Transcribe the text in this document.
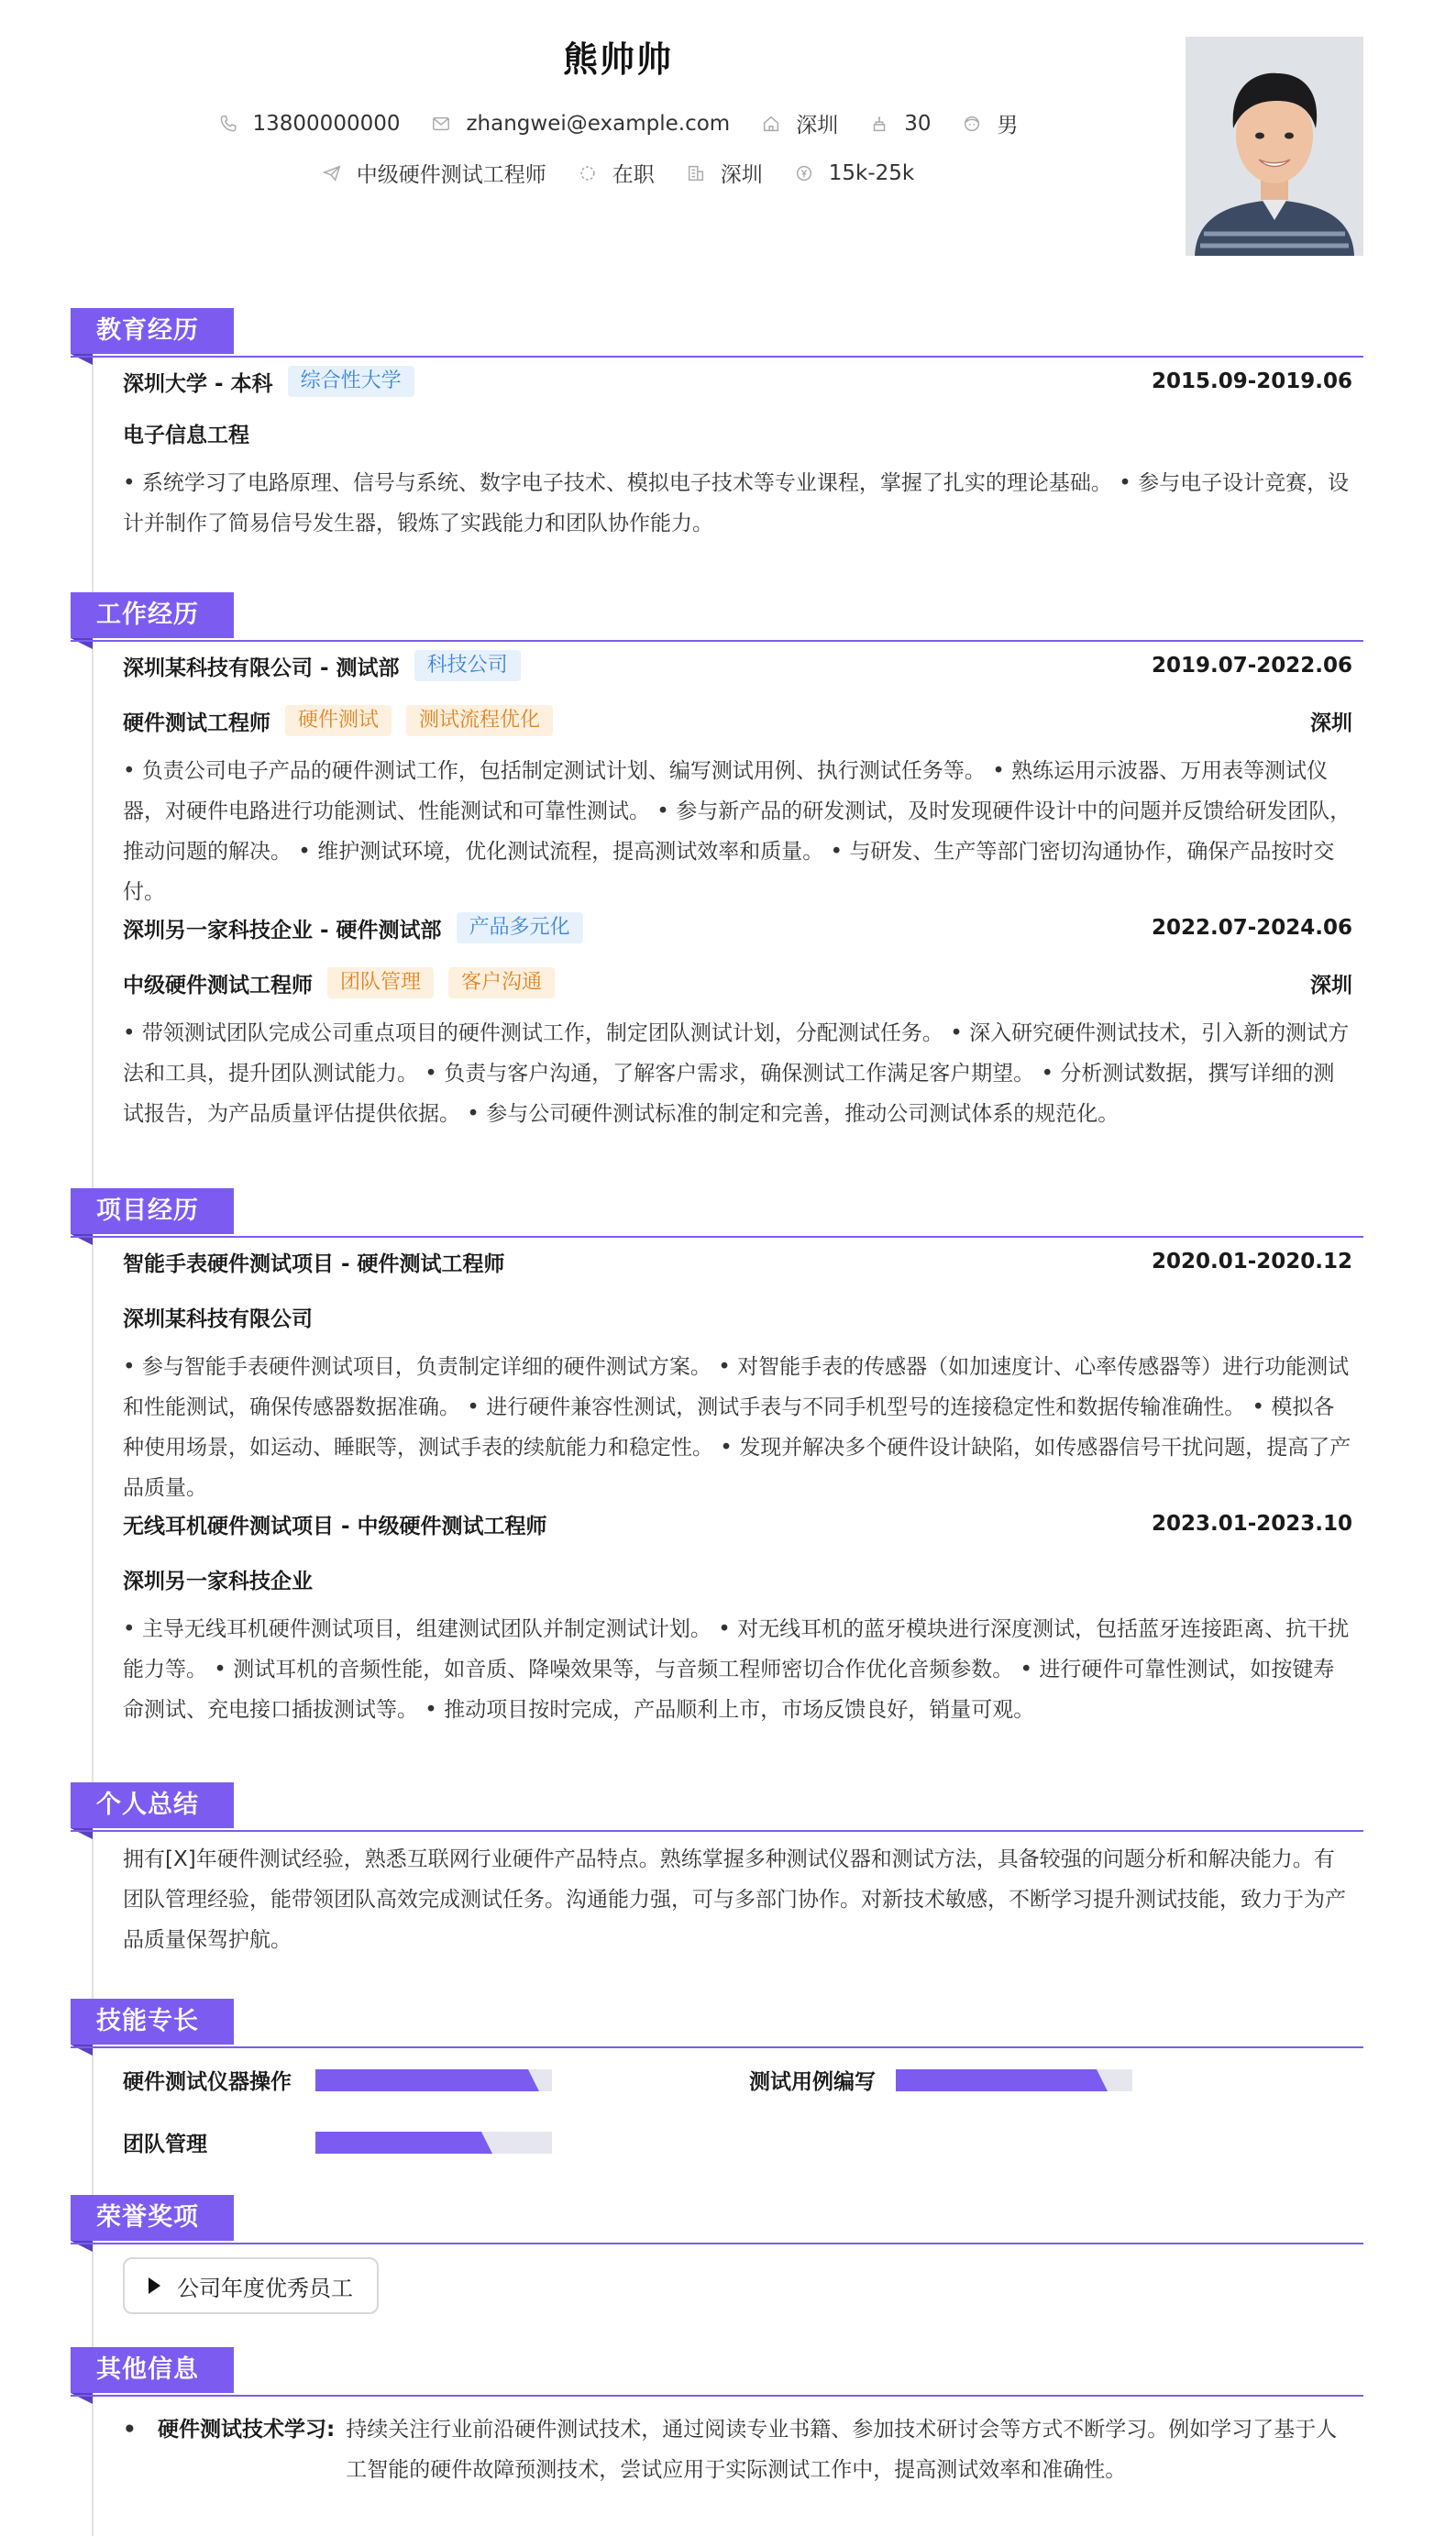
熊帅帅
13800000000	zhangwei@example.com	深圳	30	男
中级硬件测试工程师	在职	深圳	15k-25k
教育经历
深圳大学 - 本科	综合性大学	2015.09-2019.06
电子信息工程
• 系统学习了电路原理、信号与系统、数字电子技术、模拟电子技术等专业课程，掌握了扎实的理论基础。 • 参与电子设计竞赛，设计并制作了简易信号发生器，锻炼了实践能力和团队协作能力。
工作经历
深圳某科技有限公司 - 测试部	科技公司	2019.07-2022.06
硬件测试工程师	硬件测试	测试流程优化	深圳
• 负责公司电子产品的硬件测试工作，包括制定测试计划、编写测试用例、执行测试任务等。 • 熟练运用示波器、万用表等测试仪器，对硬件电路进行功能测试、性能测试和可靠性测试。 • 参与新产品的研发测试，及时发现硬件设计中的问题并反馈给研发团队，推动问题的解决。 • 维护测试环境，优化测试流程，提高测试效率和质量。 • 与研发、生产等部门密切沟通协作，确保产品按时交付。
深圳另一家科技企业 - 硬件测试部	产品多元化	2022.07-2024.06
中级硬件测试工程师	团队管理	客户沟通	深圳
• 带领测试团队完成公司重点项目的硬件测试工作，制定团队测试计划，分配测试任务。 • 深入研究硬件测试技术，引入新的测试方法和工具，提升团队测试能力。 • 负责与客户沟通，了解客户需求，确保测试工作满足客户期望。 • 分析测试数据，撰写详细的测试报告，为产品质量评估提供依据。 • 参与公司硬件测试标准的制定和完善，推动公司测试体系的规范化。
项目经历
智能手表硬件测试项目 - 硬件测试工程师	2020.01-2020.12
深圳某科技有限公司
• 参与智能手表硬件测试项目，负责制定详细的硬件测试方案。 • 对智能手表的传感器（如加速度计、心率传感器等）进行功能测试和性能测试，确保传感器数据准确。 • 进行硬件兼容性测试，测试手表与不同手机型号的连接稳定性和数据传输准确性。 • 模拟各种使用场景，如运动、睡眠等，测试手表的续航能力和稳定性。 • 发现并解决多个硬件设计缺陷，如传感器信号干扰问题，提高了产品质量。
无线耳机硬件测试项目 - 中级硬件测试工程师	2023.01-2023.10
深圳另一家科技企业
• 主导无线耳机硬件测试项目，组建测试团队并制定测试计划。 • 对无线耳机的蓝牙模块进行深度测试，包括蓝牙连接距离、抗干扰能力等。 • 测试耳机的音频性能，如音质、降噪效果等，与音频工程师密切合作优化音频参数。 • 进行硬件可靠性测试，如按键寿命测试、充电接口插拔测试等。 • 推动项目按时完成，产品顺利上市，市场反馈良好，销量可观。
个人总结
拥有[X]年硬件测试经验，熟悉互联网行业硬件产品特点。熟练掌握多种测试仪器和测试方法，具备较强的问题分析和解决能力。有团队管理经验，能带领团队高效完成测试任务。沟通能力强，可与多部门协作。对新技术敏感，不断学习提升测试技能，致力于为产品质量保驾护航。
技能专长
硬件测试仪器操作	测试用例编写
团队管理
荣誉奖项
公司年度优秀员工
其他信息
•	硬件测试技术学习: 持续关注行业前沿硬件测试技术，通过阅读专业书籍、参加技术研讨会等方式不断学习。例如学习了基于人工智能的硬件故障预测技术，尝试应用于实际测试工作中，提高测试效率和准确性。
